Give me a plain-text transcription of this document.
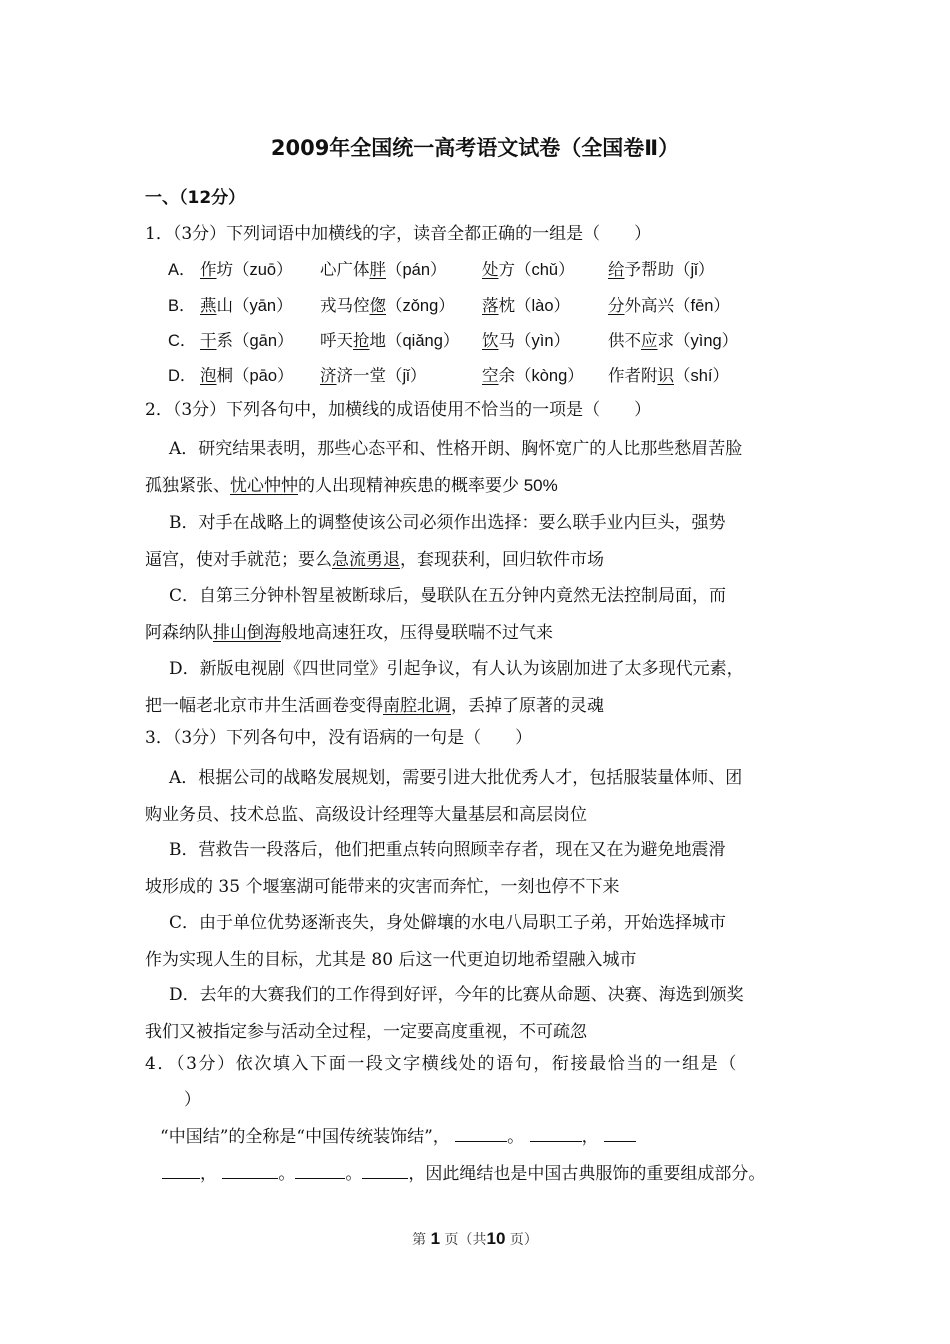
2009年全国统一高考语文试卷（全国卷Ⅱ）
一、（12分）
1．（3分）下列词语中加横线的字，读音全都正确的一组是（　　）
A． 作坊（zuō） 心广体胖（pán） 处方（chǔ） 给予帮助（jǐ）
B． 燕山（yān） 戎马倥偬（zǒng） 落枕（lào） 分外高兴（fēn）
C． 干系（gān） 呼天抢地（qiǎng） 饮马（yìn） 供不应求（yìng）
D． 泡桐（pāo） 济济一堂（jǐ）	空余（kòng） 作者附识（shí）
2．（3分）下列各句中，加横线的成语使用不恰当的一项是（　　）
A．研究结果表明，那些心态平和、性格开朗、胸怀宽广的人比那些愁眉苦脸
孤独紧张、忧心忡忡的人出现精神疾患的概率要少 50%
B．对手在战略上的调整使该公司必须作出选择：要么联手业内巨头，强势
逼宫，使对手就范；要么急流勇退，套现获利，回归软件市场
C．自第三分钟朴智星被断球后，曼联队在五分钟内竟然无法控制局面，而
阿森纳队排山倒海般地高速狂攻，压得曼联喘不过气来
D．新版电视剧《四世同堂》引起争议，有人认为该剧加进了太多现代元素，
把一幅老北京市井生活画卷变得南腔北调，丢掉了原著的灵魂
3．（3分）下列各句中，没有语病的一句是（　　）
A．根据公司的战略发展规划，需要引进大批优秀人才，包括服装量体师、团
购业务员、技术总监、高级设计经理等大量基层和高层岗位
B．营救告一段落后，他们把重点转向照顾幸存者，现在又在为避免地震滑
坡形成的 35 个堰塞湖可能带来的灾害而奔忙，一刻也停不下来
C．由于单位优势逐渐丧失，身处僻壤的水电八局职工子弟，开始选择城市
作为实现人生的目标，尤其是 80 后这一代更迫切地希望融入城市
D．去年的大赛我们的工作得到好评，今年的比赛从命题、决赛、海选到颁奖
我们又被指定参与活动全过程，一定要高度重视，不可疏忽
4．（3分）依次填入下面一段文字横线处的语句，衔接最恰当的一组是（
）
“中国结”的全称是“中国传统装饰结”，	。	，
，	。	。	，因此绳结也是中国古典服饰的重要组成部分。
第 1 页（共10 页）
